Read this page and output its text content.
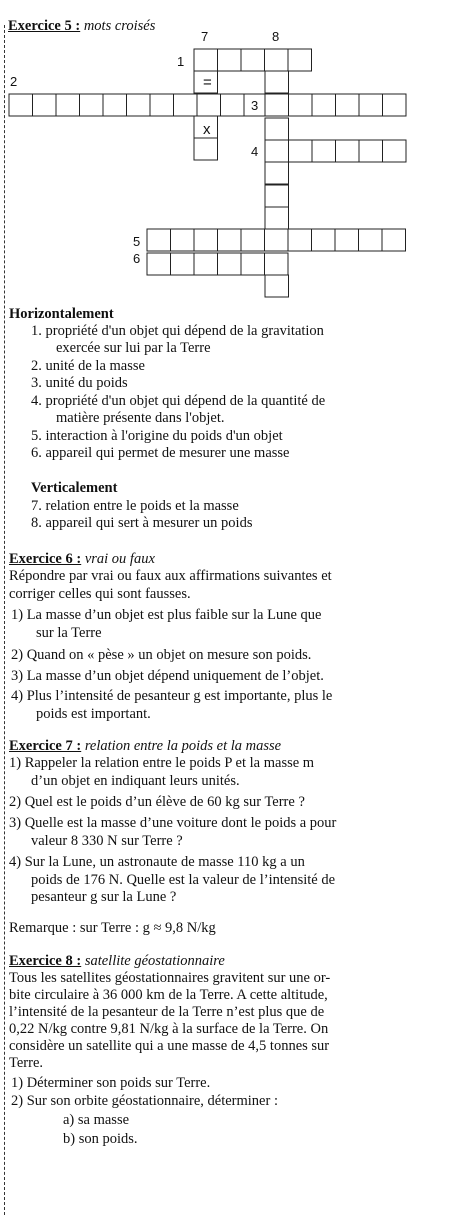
Exercice 5 : mots croisés
7	8
1
2
3
4
5
6
=
x
Horizontalement
1. propriété d'un objet qui dépend de la gravitation
exercée sur lui par la Terre
2. unité de la masse
3. unité du poids
4. propriété d'un objet qui dépend de la quantité de
matière présente dans l'objet.
5. interaction à l'origine du poids d'un objet
6. appareil qui permet de mesurer une masse
Verticalement
7. relation entre le poids et la masse
8. appareil qui sert à mesurer un poids
Exercice 6 : vrai ou faux
Répondre par vrai ou faux aux affirmations suivantes et
corriger celles qui sont fausses.
1) La masse d’un objet est plus faible sur la Lune que
sur la Terre
2) Quand on « pèse » un objet on mesure son poids.
3) La masse d’un objet dépend uniquement de l’objet.
4) Plus l’intensité de pesanteur g est importante, plus le
poids est important.
Exercice 7 : relation entre la poids et la masse
1) Rappeler la relation entre le poids P et la masse m
d’un objet en indiquant leurs unités.
2) Quel est le poids d’un élève de 60 kg sur Terre ?
3) Quelle est la masse d’une voiture dont le poids a pour
valeur 8 330 N sur Terre ?
4) Sur la Lune, un astronaute de masse 110 kg a un
poids de 176 N. Quelle est la valeur de l’intensité de
pesanteur g sur la Lune ?
Remarque : sur Terre : g ≈ 9,8 N/kg
Exercice 8 : satellite géostationnaire
Tous les satellites géostationnaires gravitent sur une or-
bite circulaire à 36 000 km de la Terre. A cette altitude,
l’intensité de la pesanteur de la Terre n’est plus que de
0,22 N/kg contre 9,81 N/kg à la surface de la Terre. On
considère un satellite qui a une masse de 4,5 tonnes sur
Terre.
1) Déterminer son poids sur Terre.
2) Sur son orbite géostationnaire, déterminer :
a) sa masse
b) son poids.
